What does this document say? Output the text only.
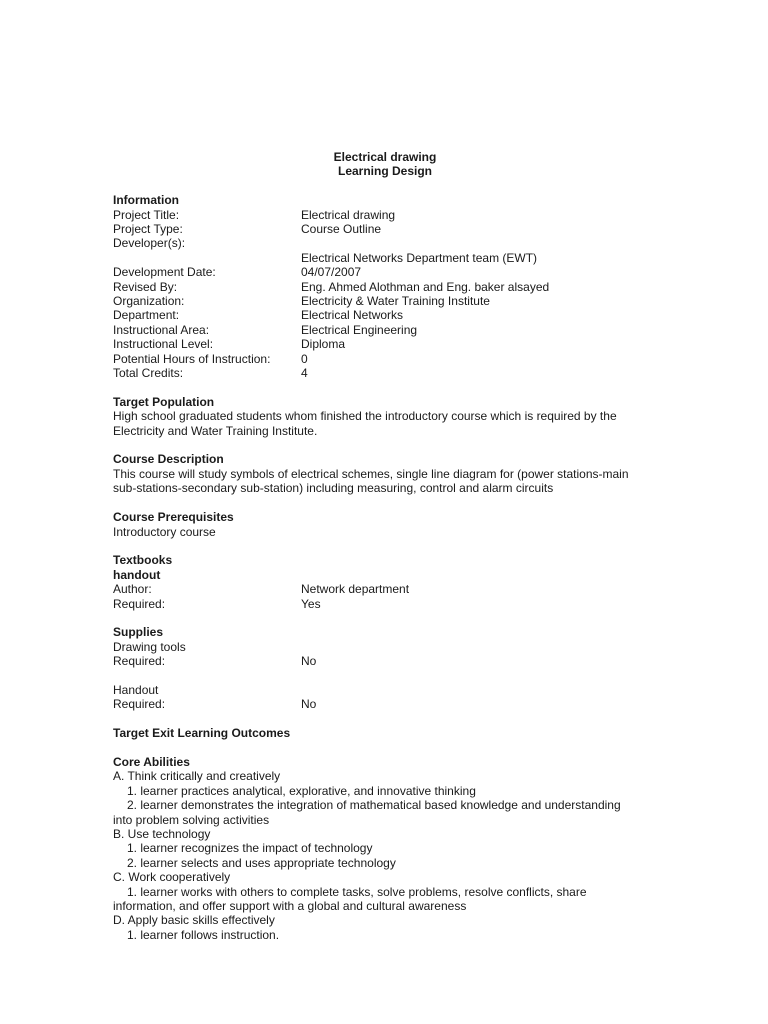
Electrical drawing
Learning Design
Information
Project Title:	Electrical drawing
Project Type:	Course Outline
Developer(s):
Electrical Networks Department team (EWT)
Development Date:	04/07/2007
Revised By:	Eng. Ahmed Alothman and Eng. baker alsayed
Organization:	Electricity & Water Training Institute
Department:	Electrical Networks
Instructional Area:	Electrical Engineering
Instructional Level:	Diploma
Potential Hours of Instruction:	0
Total Credits:	4
Target Population
High school graduated students whom finished the introductory course which is required by the Electricity and Water Training Institute.
Course Description
This course will study symbols of electrical schemes, single line diagram for (power stations-main sub-stations-secondary sub-station) including measuring, control and alarm circuits
Course Prerequisites
Introductory course
Textbooks
handout
Author:	Network department
Required:	Yes
Supplies
Drawing tools
Required:	No
Handout
Required:	No
Target Exit Learning Outcomes
Core Abilities
A. Think critically and creatively
1. learner practices analytical, explorative, and innovative thinking
2. learner demonstrates the integration of mathematical based knowledge and understanding
into problem solving activities
B. Use technology
1. learner recognizes the impact of technology
2. learner selects and uses appropriate technology
C. Work cooperatively
1. learner works with others to complete tasks, solve problems, resolve conflicts, share
information, and offer support with a global and cultural awareness
D. Apply basic skills effectively
1. learner follows instruction.
